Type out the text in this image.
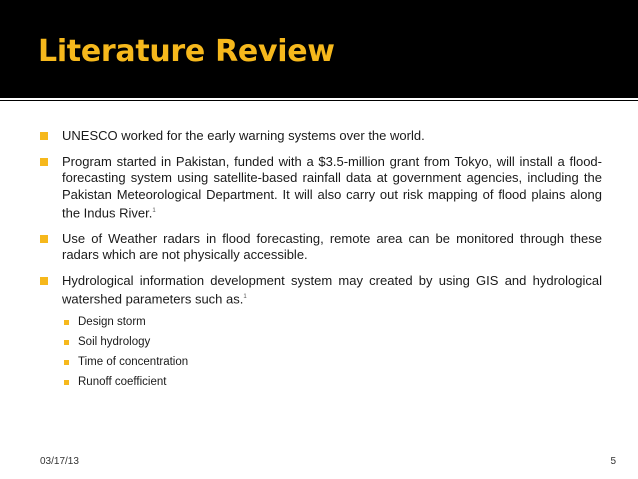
Literature Review
UNESCO worked for the early warning systems over the world.
Program started in Pakistan, funded with a $3.5-million grant from Tokyo, will install a flood-forecasting system using satellite-based rainfall data at government agencies, including the Pakistan Meteorological Department. It will also carry out risk mapping of flood plains along the Indus River.$^1$
Use of Weather radars in flood forecasting, remote area can be monitored through these radars which are not physically accessible.
Hydrological information development system may created by using GIS and hydrological watershed parameters such as.$^1$
Design storm
Soil hydrology
Time of concentration
Runoff coefficient
03/17/13	5
